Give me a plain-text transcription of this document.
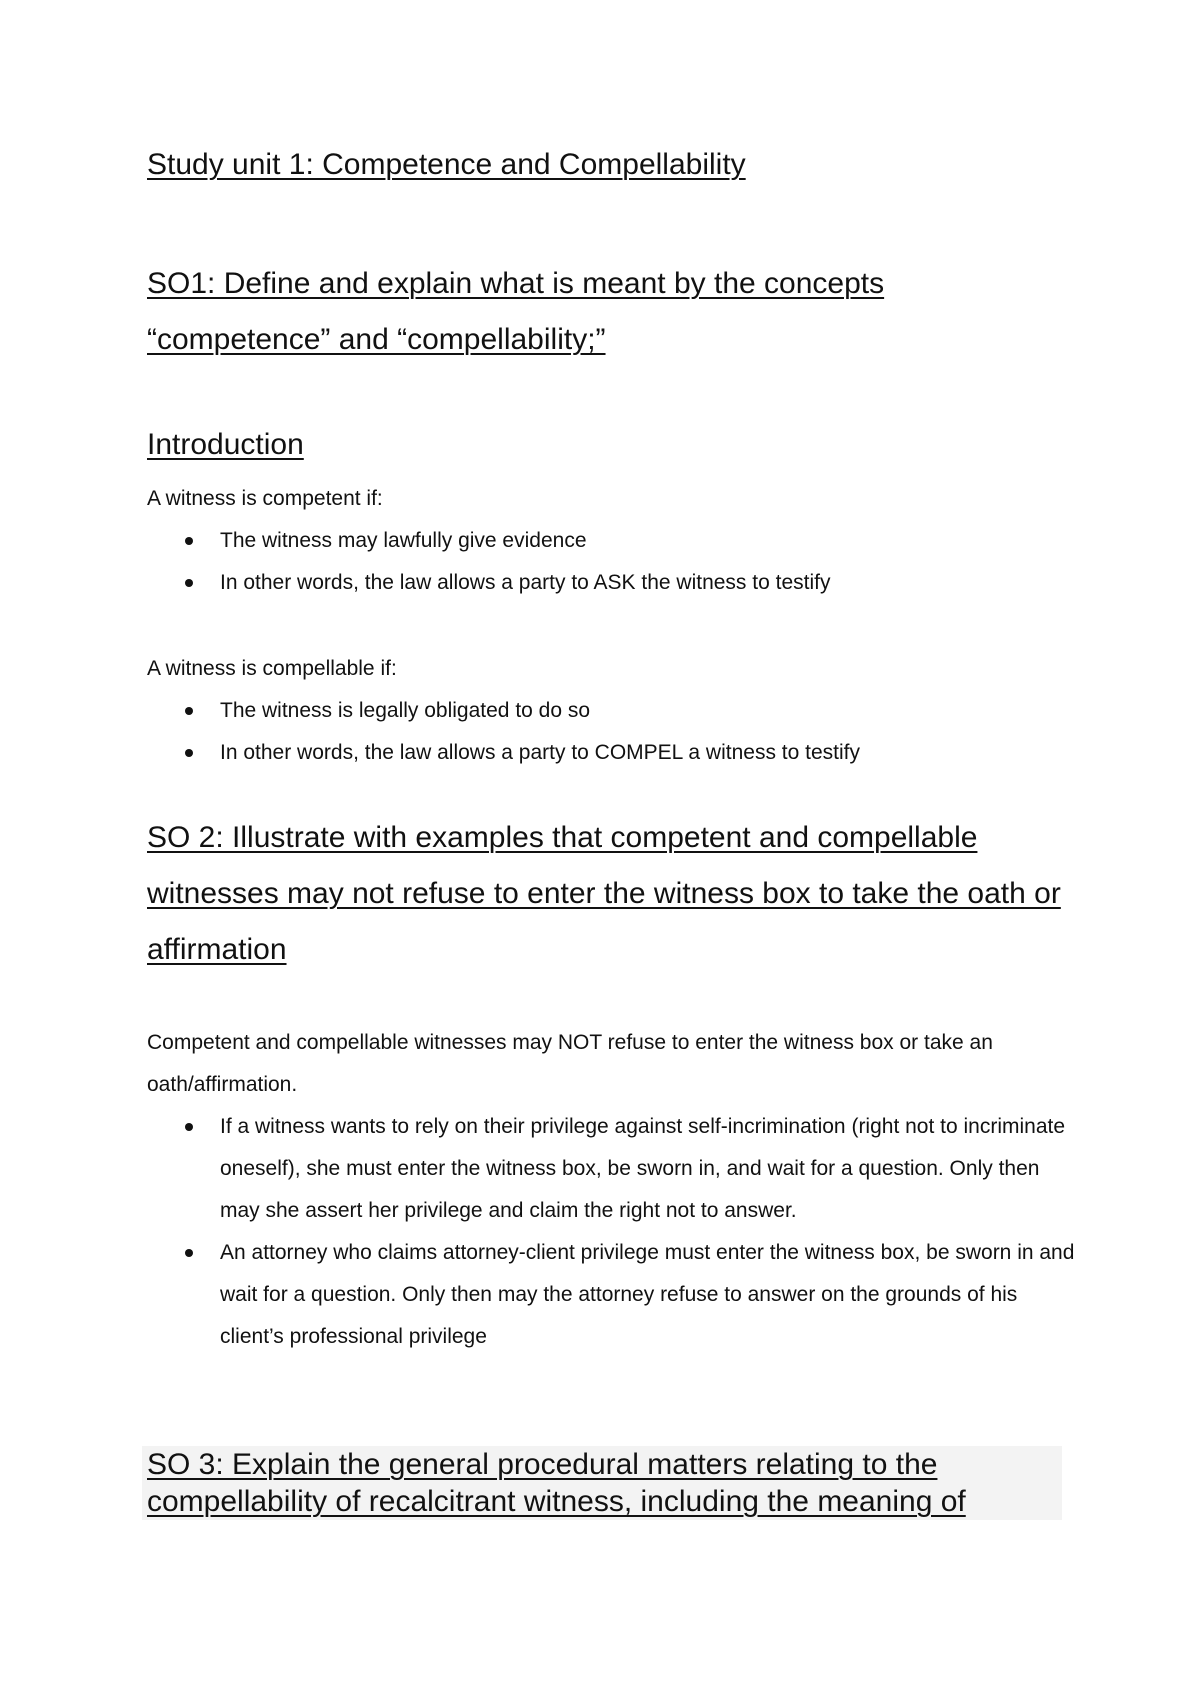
Study unit 1: Competence and Compellability
SO1: Define and explain what is meant by the concepts “competence” and “compellability;”
Introduction
A witness is competent if:
The witness may lawfully give evidence
In other words, the law allows a party to ASK the witness to testify
A witness is compellable if:
The witness is legally obligated to do so
In other words, the law allows a party to COMPEL a witness to testify
SO 2: Illustrate with examples that competent and compellable witnesses may not refuse to enter the witness box to take the oath or affirmation
Competent and compellable witnesses may NOT refuse to enter the witness box or take an oath/affirmation.
If a witness wants to rely on their privilege against self-incrimination (right not to incriminate oneself), she must enter the witness box, be sworn in, and wait for a question. Only then may she assert her privilege and claim the right not to answer.
An attorney who claims attorney-client privilege must enter the witness box, be sworn in and wait for a question. Only then may the attorney refuse to answer on the grounds of his client’s professional privilege
SO 3: Explain the general procedural matters relating to the compellability of recalcitrant witness, including the meaning of
